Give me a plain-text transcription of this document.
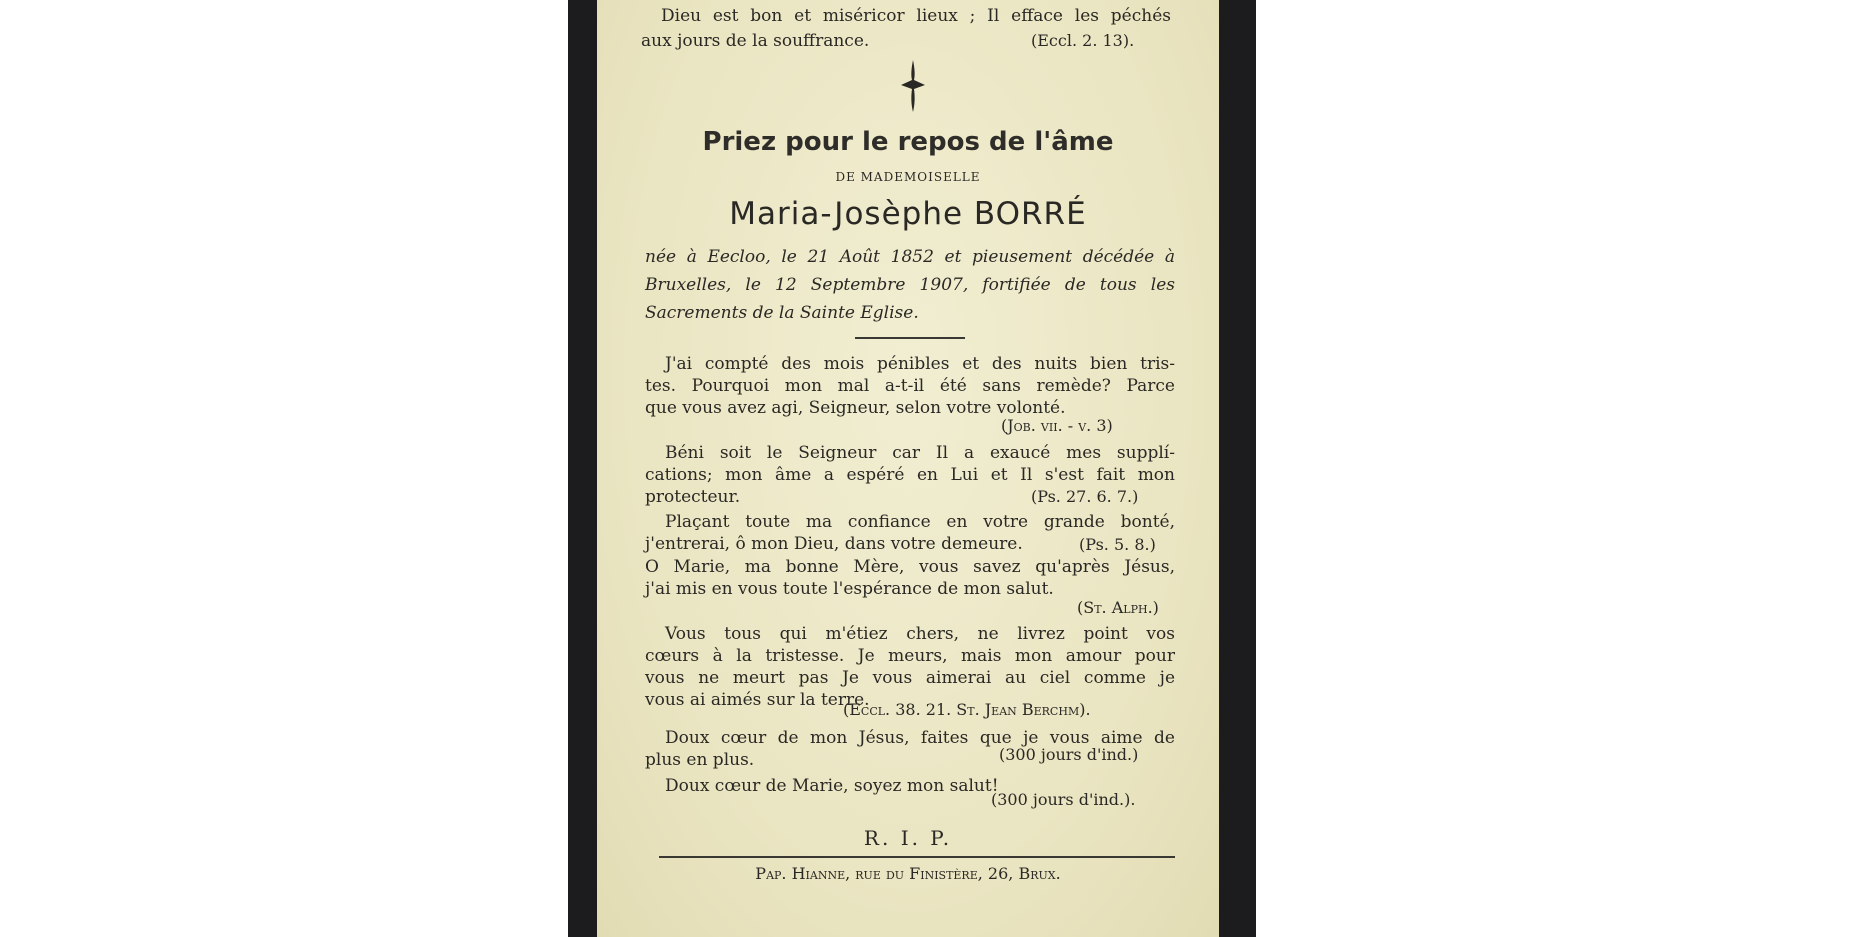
Dieu est bon et miséricor lieux ; Il efface les péchés
aux jours de la souffrance.	(Eccl. 2. 13).
Priez pour le repos de l'âme
DE MADEMOISELLE
Maria-Josèphe BORRÉ
née à Eecloo, le 21 Août 1852 et pieusement décédée à
Bruxelles, le 12 Septembre 1907, fortifiée de tous les
Sacrements de la Sainte Eglise.
J'ai compté des mois pénibles et des nuits bien tris-
tes. Pourquoi mon mal a-t-il été sans remède? Parce
que vous avez agi, Seigneur, selon votre volonté.
(Job. vii. - v. 3)
Béni soit le Seigneur car Il a exaucé mes supplí-
cations; mon âme a espéré en Lui et Il s'est fait mon
protecteur.	(Ps. 27. 6. 7.)
Plaçant toute ma confiance en votre grande bonté,
j'entrerai, ô mon Dieu, dans votre demeure.	(Ps. 5. 8.)
O Marie, ma bonne Mère, vous savez qu'après Jésus,
j'ai mis en vous toute l'espérance de mon salut.
(St. Alph.)
Vous tous qui m'étiez chers, ne livrez point vos
cœurs à la tristesse. Je meurs, mais mon amour pour
vous ne meurt pas Je vous aimerai au ciel comme je
vous ai aimés sur la terre.
(Eccl. 38. 21. St. Jean Berchm).
Doux cœur de mon Jésus, faites que je vous aime de
plus en plus.	(300 jours d'ind.)
Doux cœur de Marie, soyez mon salut!
(300 jours d'ind.).
R. I. P.
Pap. Hianne, rue du Finistère, 26, Brux.
